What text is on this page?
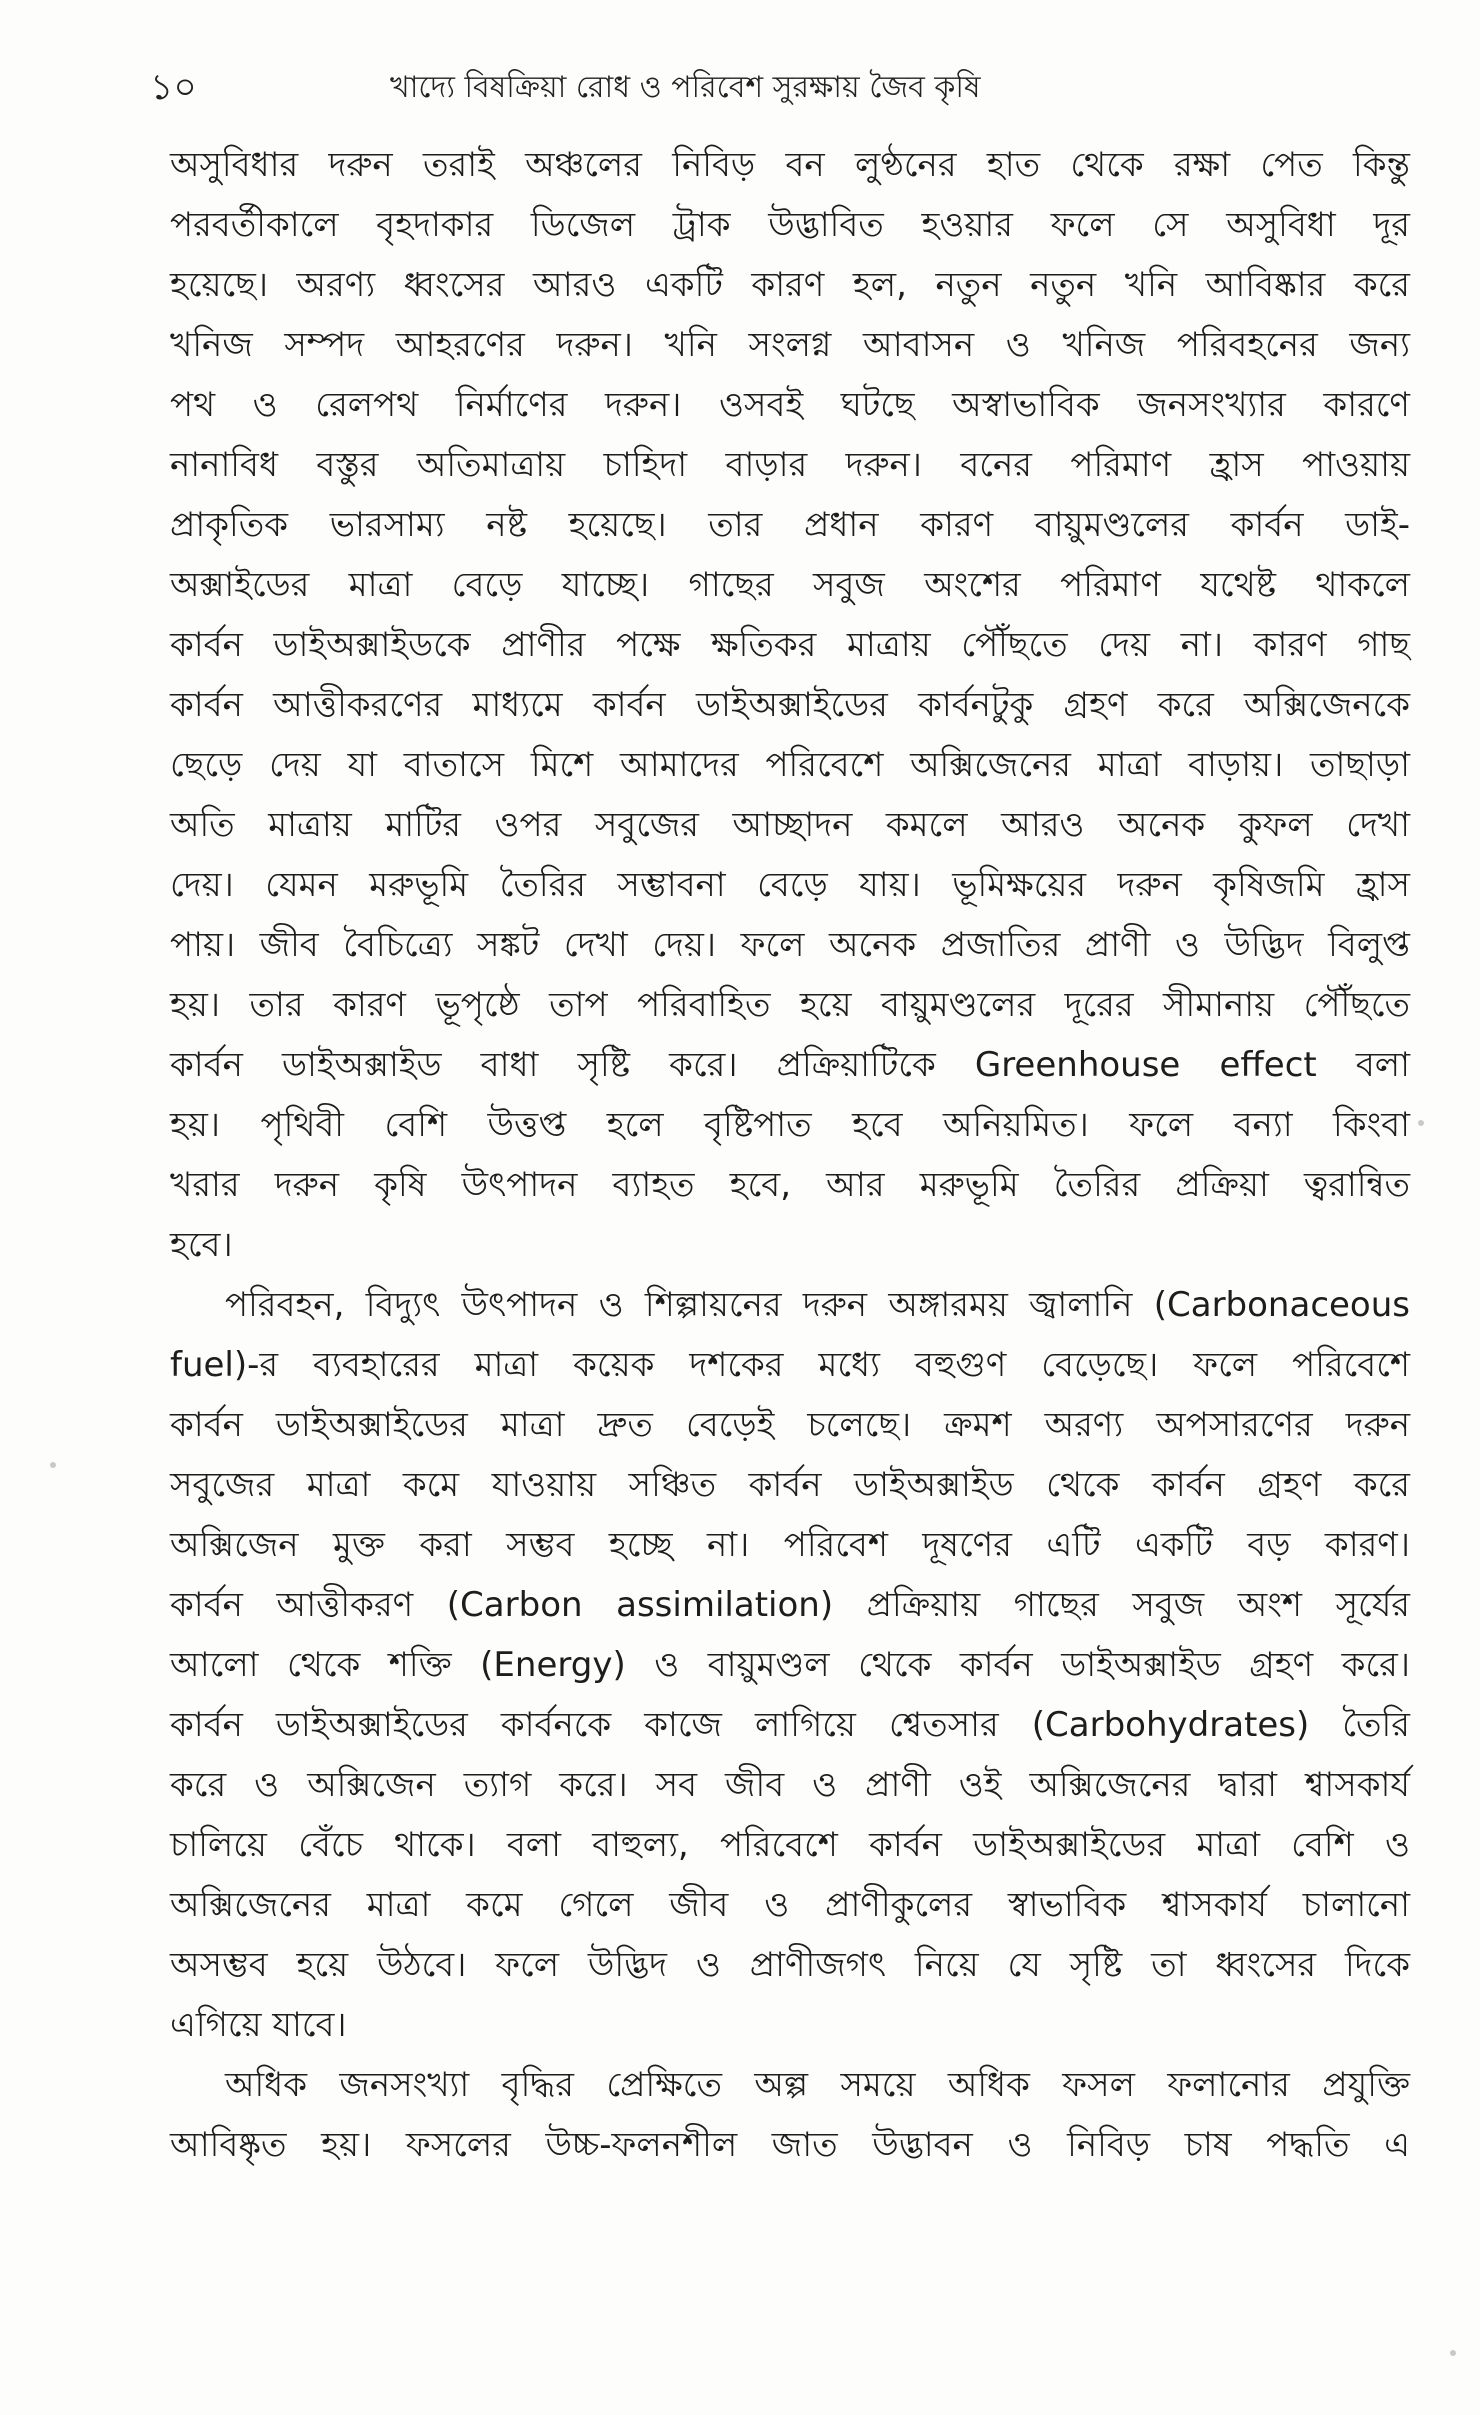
১০	খাদ্যে বিষক্রিয়া রোধ ও পরিবেশ সুরক্ষায় জৈব কৃষি
অসুবিধার দরুন তরাই অঞ্চলের নিবিড় বন লুণ্ঠনের হাত থেকে রক্ষা পেত কিন্তু
পরবর্তীকালে বৃহদাকার ডিজেল ট্রাক উদ্ভাবিত হওয়ার ফলে সে অসুবিধা দূর
হয়েছে। অরণ্য ধ্বংসের আরও একটি কারণ হল, নতুন নতুন খনি আবিষ্কার করে
খনিজ সম্পদ আহরণের দরুন। খনি সংলগ্ন আবাসন ও খনিজ পরিবহনের জন্য
পথ ও রেলপথ নির্মাণের দরুন। ওসবই ঘটছে অস্বাভাবিক জনসংখ্যার কারণে
নানাবিধ বস্তুর অতিমাত্রায় চাহিদা বাড়ার দরুন। বনের পরিমাণ হ্রাস পাওয়ায়
প্রাকৃতিক ভারসাম্য নষ্ট হয়েছে। তার প্রধান কারণ বায়ুমণ্ডলের কার্বন ডাই-
অক্সাইডের মাত্রা বেড়ে যাচ্ছে। গাছের সবুজ অংশের পরিমাণ যথেষ্ট থাকলে
কার্বন ডাইঅক্সাইডকে প্রাণীর পক্ষে ক্ষতিকর মাত্রায় পৌঁছতে দেয় না। কারণ গাছ
কার্বন আত্তীকরণের মাধ্যমে কার্বন ডাইঅক্সাইডের কার্বনটুকু গ্রহণ করে অক্সিজেনকে
ছেড়ে দেয় যা বাতাসে মিশে আমাদের পরিবেশে অক্সিজেনের মাত্রা বাড়ায়। তাছাড়া
অতি মাত্রায় মাটির ওপর সবুজের আচ্ছাদন কমলে আরও অনেক কুফল দেখা
দেয়। যেমন মরুভূমি তৈরির সম্ভাবনা বেড়ে যায়। ভূমিক্ষয়ের দরুন কৃষিজমি হ্রাস
পায়। জীব বৈচিত্র্যে সঙ্কট দেখা দেয়। ফলে অনেক প্রজাতির প্রাণী ও উদ্ভিদ বিলুপ্ত
হয়। তার কারণ ভূপৃষ্ঠে তাপ পরিবাহিত হয়ে বায়ুমণ্ডলের দূরের সীমানায় পৌঁছতে
কার্বন ডাইঅক্সাইড বাধা সৃষ্টি করে। প্রক্রিয়াটিকে Greenhouse effect বলা
হয়। পৃথিবী বেশি উত্তপ্ত হলে বৃষ্টিপাত হবে অনিয়মিত। ফলে বন্যা কিংবা
খরার দরুন কৃষি উৎপাদন ব্যাহত হবে, আর মরুভূমি তৈরির প্রক্রিয়া ত্বরান্বিত
হবে।
পরিবহন, বিদ্যুৎ উৎপাদন ও শিল্পায়নের দরুন অঙ্গারময় জ্বালানি (Carbonaceous
fuel)-র ব্যবহারের মাত্রা কয়েক দশকের মধ্যে বহুগুণ বেড়েছে। ফলে পরিবেশে
কার্বন ডাইঅক্সাইডের মাত্রা দ্রুত বেড়েই চলেছে। ক্রমশ অরণ্য অপসারণের দরুন
সবুজের মাত্রা কমে যাওয়ায় সঞ্চিত কার্বন ডাইঅক্সাইড থেকে কার্বন গ্রহণ করে
অক্সিজেন মুক্ত করা সম্ভব হচ্ছে না। পরিবেশ দূষণের এটি একটি বড় কারণ।
কার্বন আত্তীকরণ (Carbon assimilation) প্রক্রিয়ায় গাছের সবুজ অংশ সূর্যের
আলো থেকে শক্তি (Energy) ও বায়ুমণ্ডল থেকে কার্বন ডাইঅক্সাইড গ্রহণ করে।
কার্বন ডাইঅক্সাইডের কার্বনকে কাজে লাগিয়ে শ্বেতসার (Carbohydrates) তৈরি
করে ও অক্সিজেন ত্যাগ করে। সব জীব ও প্রাণী ওই অক্সিজেনের দ্বারা শ্বাসকার্য
চালিয়ে বেঁচে থাকে। বলা বাহুল্য, পরিবেশে কার্বন ডাইঅক্সাইডের মাত্রা বেশি ও
অক্সিজেনের মাত্রা কমে গেলে জীব ও প্রাণীকুলের স্বাভাবিক শ্বাসকার্য চালানো
অসম্ভব হয়ে উঠবে। ফলে উদ্ভিদ ও প্রাণীজগৎ নিয়ে যে সৃষ্টি তা ধ্বংসের দিকে
এগিয়ে যাবে।
অধিক জনসংখ্যা বৃদ্ধির প্রেক্ষিতে অল্প সময়ে অধিক ফসল ফলানোর প্রযুক্তি
আবিষ্কৃত হয়। ফসলের উচ্চ-ফলনশীল জাত উদ্ভাবন ও নিবিড় চাষ পদ্ধতি এ
